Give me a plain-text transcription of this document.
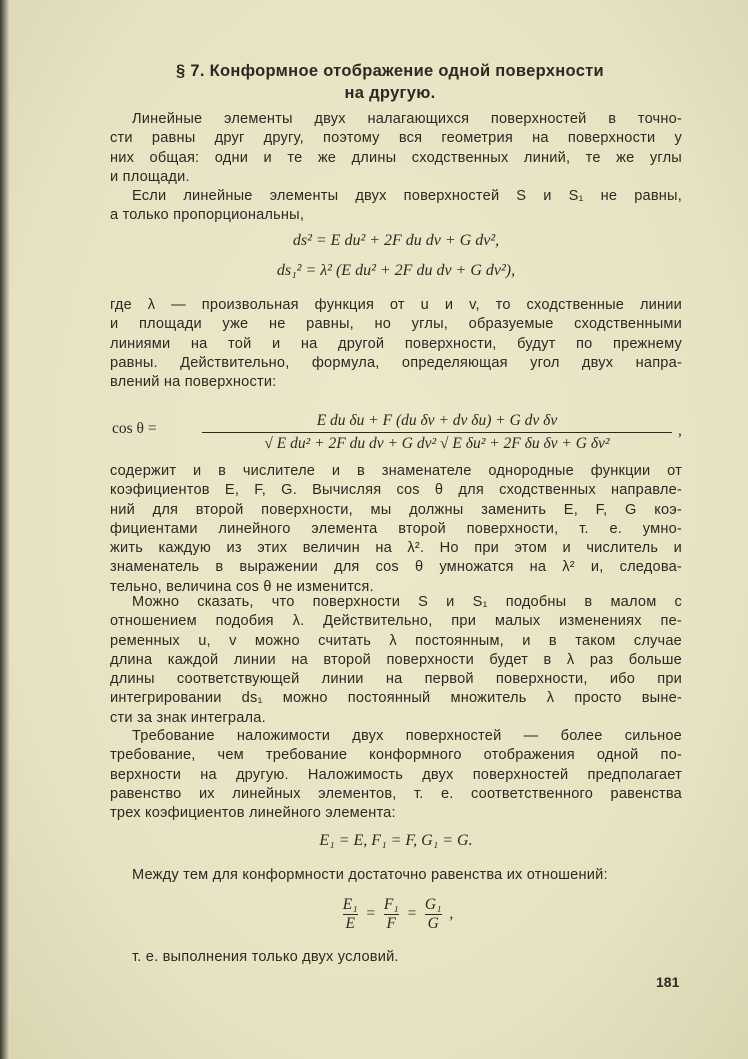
§ 7. Конформное отображение одной поверхности
на другую.
Линейные элементы двух налагающихся поверхностей в точно-
сти равны друг другу, поэтому вся геометрия на поверхности у
них общая: одни и те же длины сходственных линий, те же углы
и площади.
Если линейные элементы двух поверхностей S и S₁ не равны,
а только пропорциональны,
ds² = E du² + 2F du dv + G dv²,
ds₁² = λ² (E du² + 2F du dv + G dv²),
где λ — произвольная функция от u и v, то сходственные линии
и площади уже не равны, но углы, образуемые сходственными
линиями на той и на другой поверхности, будут по прежнему
равны. Действительно, формула, определяющая угол двух напра-
влений на поверхности:
cos θ =	$\frac{\text{E du δu + F (du δv + dv δu) + G dv δv}}{\text{√ E du² + 2F du dv + G dv² √ E δu² + 2F δu δv + G δv²}}$ ,
содержит и в числителе и в знаменателе однородные функции от
коэфициентов E, F, G. Вычисляя cos θ для сходственных направле-
ний для второй поверхности, мы должны заменить E, F, G коэ-
фициентами линейного элемента второй поверхности, т. е. умно-
жить каждую из этих величин на λ². Но при этом и числитель и
знаменатель в выражении для cos θ умножатся на λ² и, следова-
тельно, величина cos θ не изменится.
Можно сказать, что поверхности S и S₁ подобны в малом с
отношением подобия λ. Действительно, при малых изменениях пе-
ременных u, v можно считать λ постоянным, и в таком случае
длина каждой линии на второй поверхности будет в λ раз больше
длины соответствующей линии на первой поверхности, ибо при
интегрировании ds₁ можно постоянный множитель λ просто выне-
сти за знак интеграла.
Требование наложимости двух поверхностей — более сильное
требование, чем требование конформного отображения одной по-
верхности на другую. Наложимость двух поверхностей предполагает
равенство их линейных элементов, т. е. соответственного равенства
трех коэфициентов линейного элемента:
E₁ = E, F₁ = F, G₁ = G.
Между тем для конформности достаточно равенства их отношений:
$\frac{\text{E₁}}{E} = \frac{\text{F₁}}{F} = \frac{\text{G₁}}{G}$ ,
т. е. выполнения только двух условий.
181
